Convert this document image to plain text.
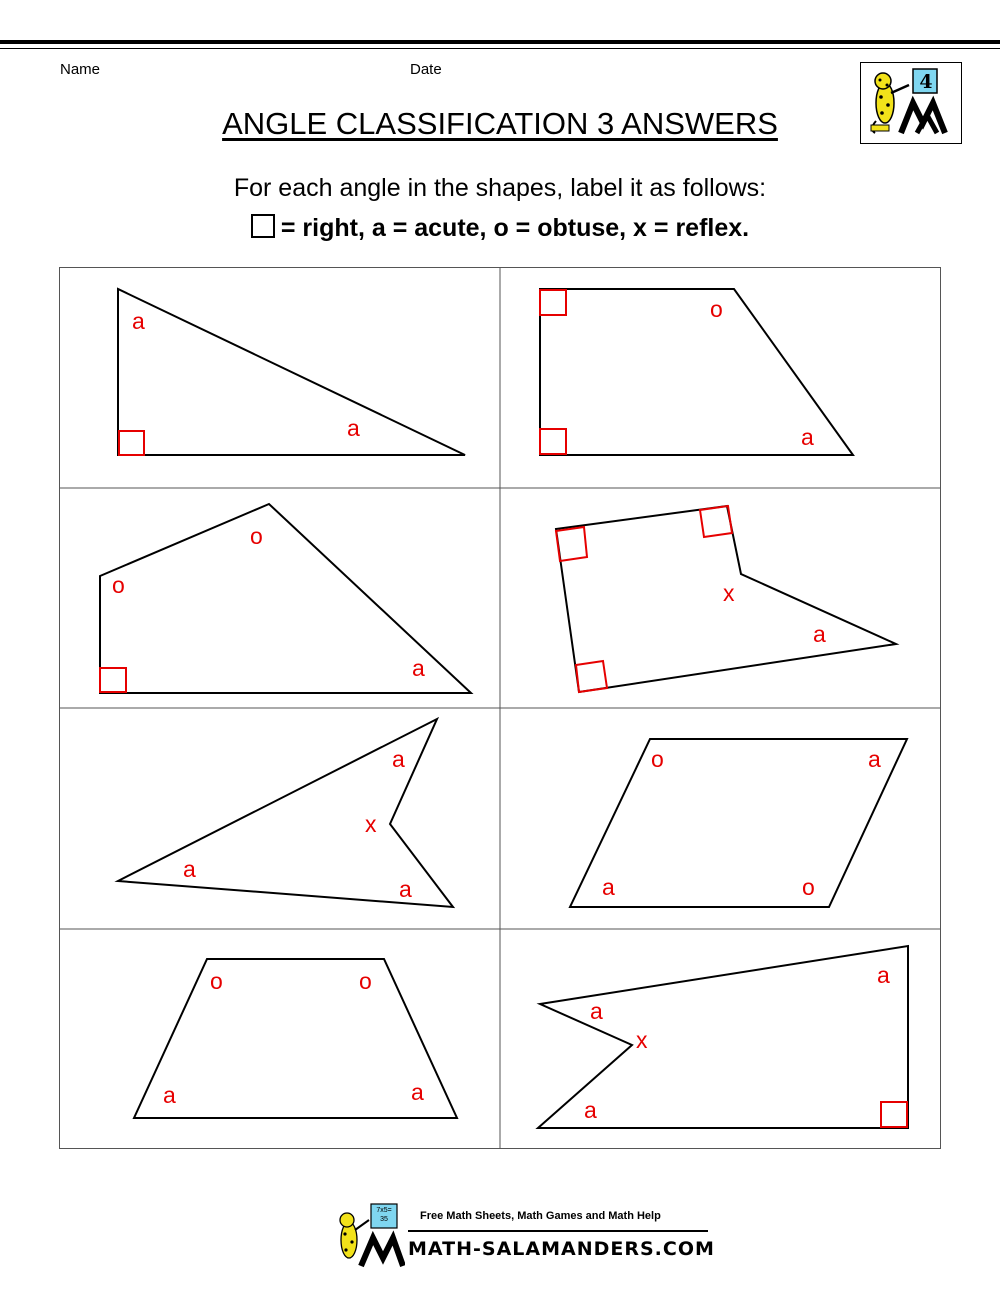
Name	Date
4
ANGLE CLASSIFICATION 3 ANSWERS
For each angle in the shapes, label it as follows:
= right, a = acute, o = obtuse, x = reflex.
a
a
o
a
o
o
a
x
a
a
x
a
a
o	a
a	o
o	o
a	a
a
a
x
a
7x5= 35	Free Math Sheets, Math Games and Math Help
MATH-SALAMANDERS.COM
